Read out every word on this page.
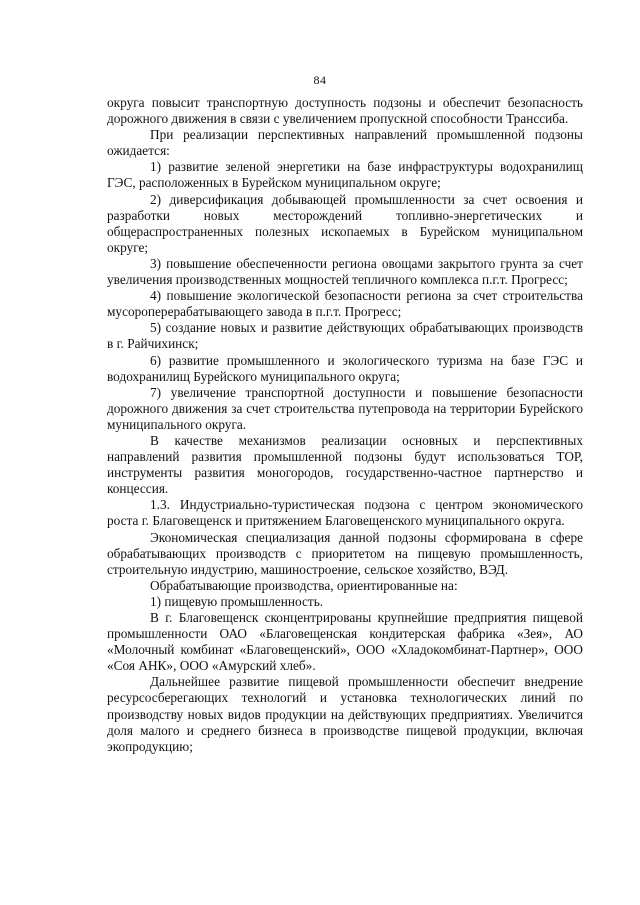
84

округа повысит транспортную доступность подзоны и обеспечит безопасность дорожного движения в связи с увеличением пропускной способности Транссиба.

При реализации перспективных направлений промышленной подзоны ожидается:

1) развитие зеленой энергетики на базе инфраструктуры водохранилищ ГЭС, расположенных в Бурейском муниципальном округе;

2) диверсификация добывающей промышленности за счет освоения и разработки новых месторождений топливно-энергетических и общераспространенных полезных ископаемых в Бурейском муниципальном округе;

3) повышение обеспеченности региона овощами закрытого грунта за счет увеличения производственных мощностей тепличного комплекса п.г.т. Прогресс;

4) повышение экологической безопасности региона за счет строительства мусороперерабатывающего завода в п.г.т. Прогресс;

5) создание новых и развитие действующих обрабатывающих производств в г. Райчихинск;

6) развитие промышленного и экологического туризма на базе ГЭС и водохранилищ Бурейского муниципального округа;

7) увеличение транспортной доступности и повышение безопасности дорожного движения за счет строительства путепровода на территории Бурейского муниципального округа.

В качестве механизмов реализации основных и перспективных направлений развития промышленной подзоны будут использоваться ТОР, инструменты развития моногородов, государственно-частное партнерство и концессия.

1.3. Индустриально-туристическая подзона с центром экономического роста г. Благовещенск и притяжением Благовещенского муниципального округа.

Экономическая специализация данной подзоны сформирована в сфере обрабатывающих производств с приоритетом на пищевую промышленность, строительную индустрию, машиностроение, сельское хозяйство, ВЭД.

Обрабатывающие производства, ориентированные на:

1) пищевую промышленность.

В г. Благовещенск сконцентрированы крупнейшие предприятия пищевой промышленности ОАО «Благовещенская кондитерская фабрика «Зея», АО «Молочный комбинат «Благовещенский», ООО «Хладокомбинат-Партнер», ООО «Соя АНК», ООО «Амурский хлеб».

Дальнейшее развитие пищевой промышленности обеспечит внедрение ресурсосберегающих технологий и установка технологических линий по производству новых видов продукции на действующих предприятиях. Увеличится доля малого и среднего бизнеса в производстве пищевой продукции, включая экопродукцию;
